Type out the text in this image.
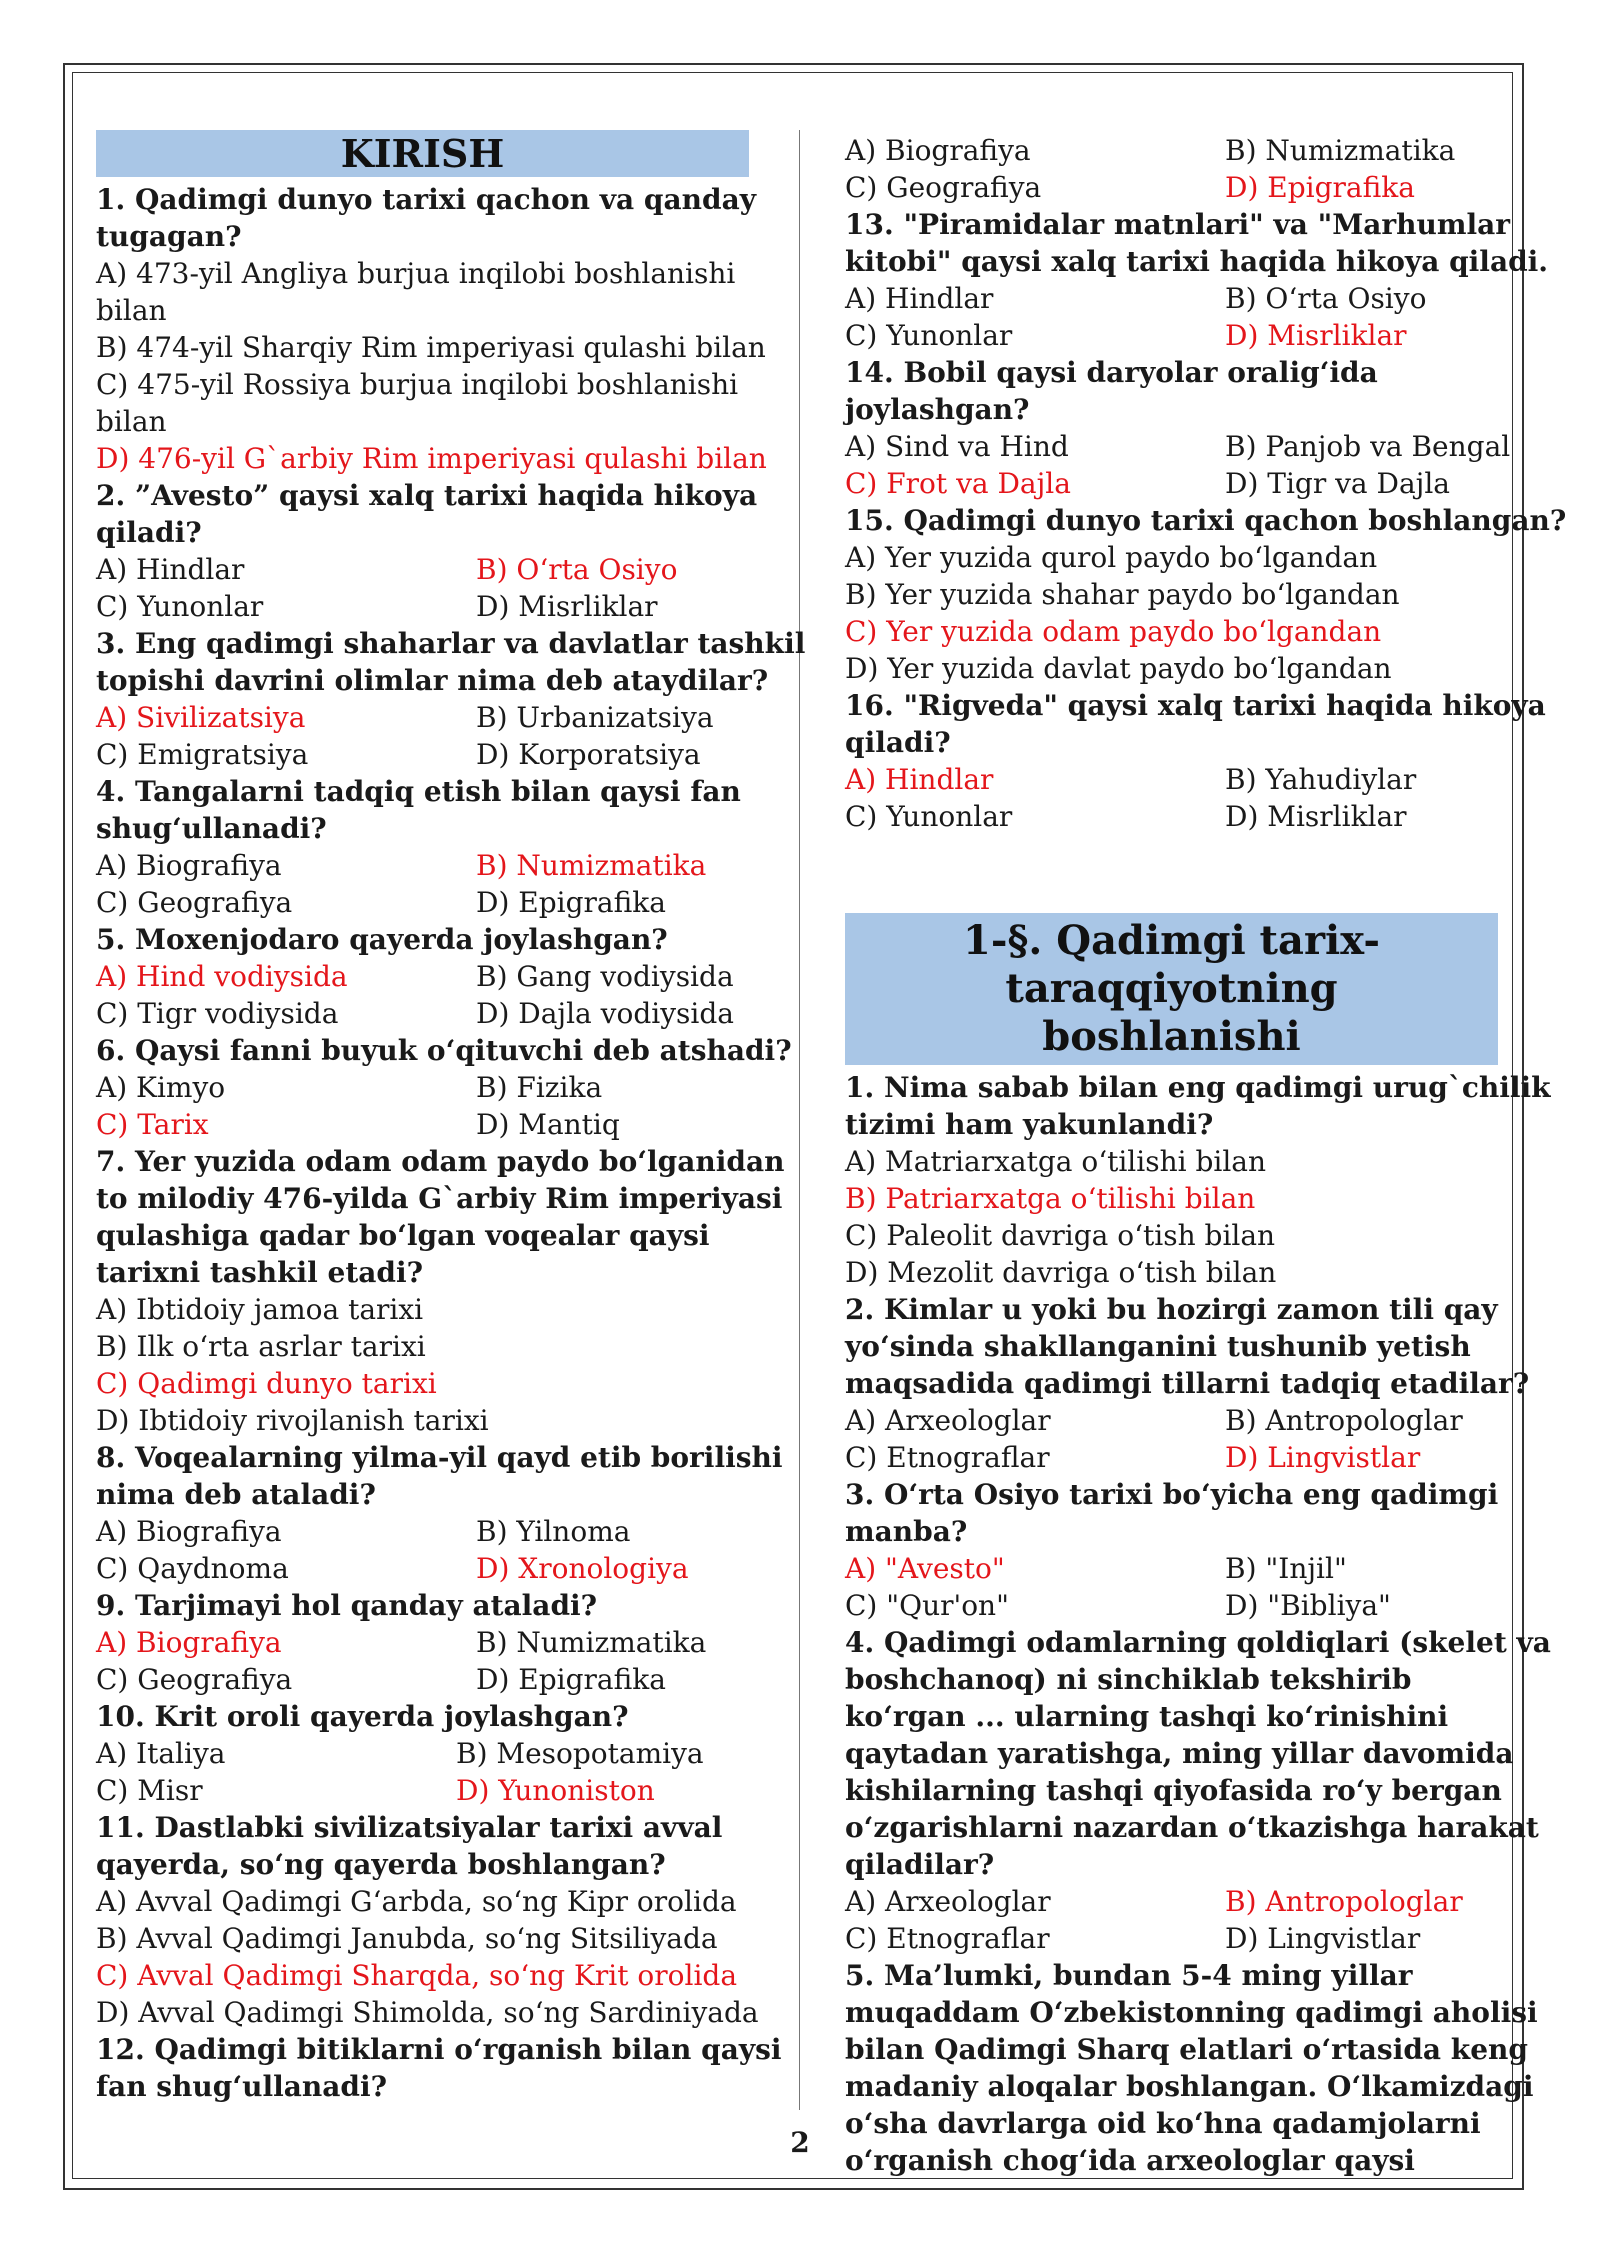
KIRISH
1. Qadimgi dunyo tarixi qachon va qanday
tugagan?
A) 473-yil Angliya burjua inqilobi boshlanishi
bilan
B) 474-yil Sharqiy Rim imperiyasi qulashi bilan
C) 475-yil Rossiya burjua inqilobi boshlanishi
bilan
D) 476-yil G`arbiy Rim imperiyasi qulashi bilan
2. ”Avesto” qaysi xalq tarixi haqida hikoya
qiladi?
A) Hindlar	B) O‘rta Osiyo
C) Yunonlar	D) Misrliklar
3. Eng qadimgi shaharlar va davlatlar tashkil
topishi davrini olimlar nima deb ataydilar?
A) Sivilizatsiya	B) Urbanizatsiya
C) Emigratsiya	D) Korporatsiya
4. Tangalarni tadqiq etish bilan qaysi fan
shug‘ullanadi?
A) Biografiya	B) Numizmatika
C) Geografiya	D) Epigrafika
5. Moxenjodaro qayerda joylashgan?
A) Hind vodiysida	B) Gang vodiysida
C) Tigr vodiysida	D) Dajla vodiysida
6. Qaysi fanni buyuk o‘qituvchi deb atshadi?
A) Kimyo	B) Fizika
C) Tarix	D) Mantiq
7. Yer yuzida odam odam paydo bo‘lganidan
to milodiy 476-yilda G`arbiy Rim imperiyasi
qulashiga qadar bo‘lgan voqealar qaysi
tarixni tashkil etadi?
A) Ibtidoiy jamoa tarixi
B) Ilk o‘rta asrlar tarixi
C) Qadimgi dunyo tarixi
D) Ibtidoiy rivojlanish tarixi
8. Voqealarning yilma-yil qayd etib borilishi
nima deb ataladi?
A) Biografiya	B) Yilnoma
C) Qaydnoma	D) Xronologiya
9. Tarjimayi hol qanday ataladi?
A) Biografiya	B) Numizmatika
C) Geografiya	D) Epigrafika
10. Krit oroli qayerda joylashgan?
A) Italiya	B) Mesopotamiya
C) Misr	D) Yunoniston
11. Dastlabki sivilizatsiyalar tarixi avval
qayerda, so‘ng qayerda boshlangan?
A) Avval Qadimgi G‘arbda, so‘ng Kipr orolida
B) Avval Qadimgi Janubda, so‘ng Sitsiliyada
C) Avval Qadimgi Sharqda, so‘ng Krit orolida
D) Avval Qadimgi Shimolda, so‘ng Sardiniyada
12. Qadimgi bitiklarni o‘rganish bilan qaysi
fan shug‘ullanadi?
A) Biografiya	B) Numizmatika
C) Geografiya	D) Epigrafika
13. "Piramidalar matnlari" va "Marhumlar
kitobi" qaysi xalq tarixi haqida hikoya qiladi.
A) Hindlar	B) O‘rta Osiyo
C) Yunonlar	D) Misrliklar
14. Bobil qaysi daryolar oralig‘ida
joylashgan?
A) Sind va Hind	B) Panjob va Bengal
C) Frot va Dajla	D) Tigr va Dajla
15. Qadimgi dunyo tarixi qachon boshlangan?
A) Yer yuzida qurol paydo bo‘lgandan
B) Yer yuzida shahar paydo bo‘lgandan
C) Yer yuzida odam paydo bo‘lgandan
D) Yer yuzida davlat paydo bo‘lgandan
16. "Rigveda" qaysi xalq tarixi haqida hikoya
qiladi?
A) Hindlar	B) Yahudiylar
C) Yunonlar	D) Misrliklar
1-§. Qadimgi tarix-taraqqiyotning
boshlanishi
1. Nima sabab bilan eng qadimgi urug`chilik
tizimi ham yakunlandi?
A) Matriarxatga o‘tilishi bilan
B) Patriarxatga o‘tilishi bilan
C) Paleolit davriga o‘tish bilan
D) Mezolit davriga o‘tish bilan
2. Kimlar u yoki bu hozirgi zamon tili qay
yo‘sinda shakllanganini tushunib yetish
maqsadida qadimgi tillarni tadqiq etadilar?
A) Arxeologlar	B) Antropologlar
C) Etnograflar	D) Lingvistlar
3. O‘rta Osiyo tarixi bo‘yicha eng qadimgi
manba?
A) "Avesto"	B) "Injil"
C) "Qur'on"	D) "Bibliya"
4. Qadimgi odamlarning qoldiqlari (skelet va
boshchanoq) ni sinchiklab tekshirib
ko‘rgan ... ularning tashqi ko‘rinishini
qaytadan yaratishga, ming yillar davomida
kishilarning tashqi qiyofasida ro‘y bergan
o‘zgarishlarni nazardan o‘tkazishga harakat
qiladilar?
A) Arxeologlar	B) Antropologlar
C) Etnograflar	D) Lingvistlar
5. Ma’lumki, bundan 5-4 ming yillar
muqaddam O‘zbekistonning qadimgi aholisi
bilan Qadimgi Sharq elatlari o‘rtasida keng
madaniy aloqalar boshlangan. O‘lkamizdagi
o‘sha davrlarga oid ko‘hna qadamjolarni
o‘rganish chog‘ida arxeologlar qaysi
2
